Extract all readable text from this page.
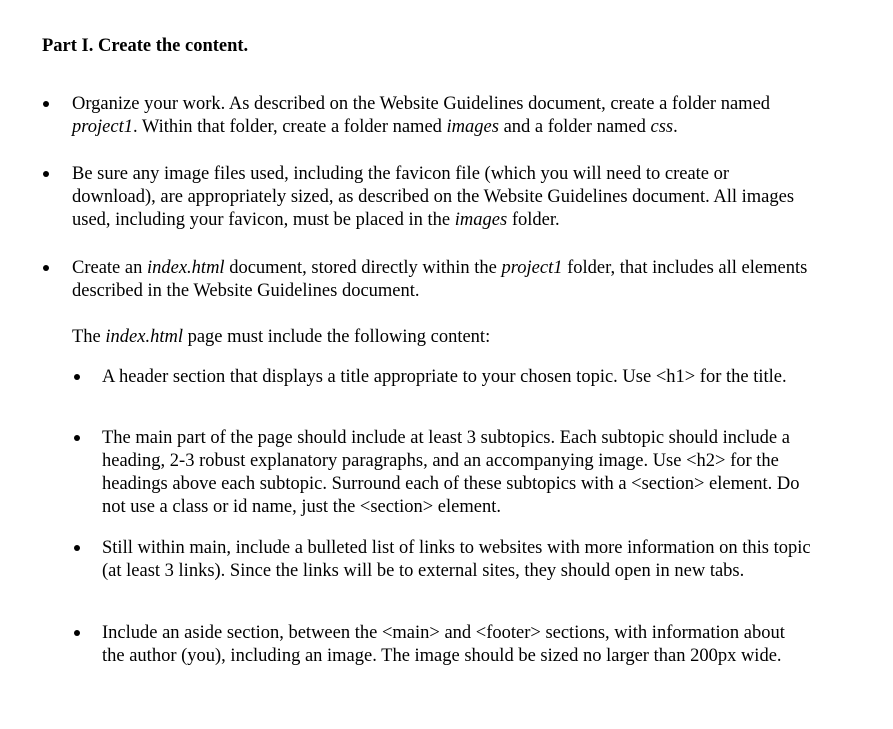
Part I. Create the content.

Organize your work. As described on the Website Guidelines document, create a folder named project1. Within that folder, create a folder named images and a folder named css.

Be sure any image files used, including the favicon file (which you will need to create or download), are appropriately sized, as described on the Website Guidelines document. All images used, including your favicon, must be placed in the images folder.

Create an index.html document, stored directly within the project1 folder, that includes all elements described in the Website Guidelines document.

The index.html page must include the following content:

A header section that displays a title appropriate to your chosen topic. Use <h1> for the title.

The main part of the page should include at least 3 subtopics. Each subtopic should include a heading, 2-3 robust explanatory paragraphs, and an accompanying image. Use <h2> for the headings above each subtopic. Surround each of these subtopics with a <section> element. Do not use a class or id name, just the <section> element.

Still within main, include a bulleted list of links to websites with more information on this topic (at least 3 links). Since the links will be to external sites, they should open in new tabs.

Include an aside section, between the <main> and <footer> sections, with information about the author (you), including an image. The image should be sized no larger than 200px wide.
